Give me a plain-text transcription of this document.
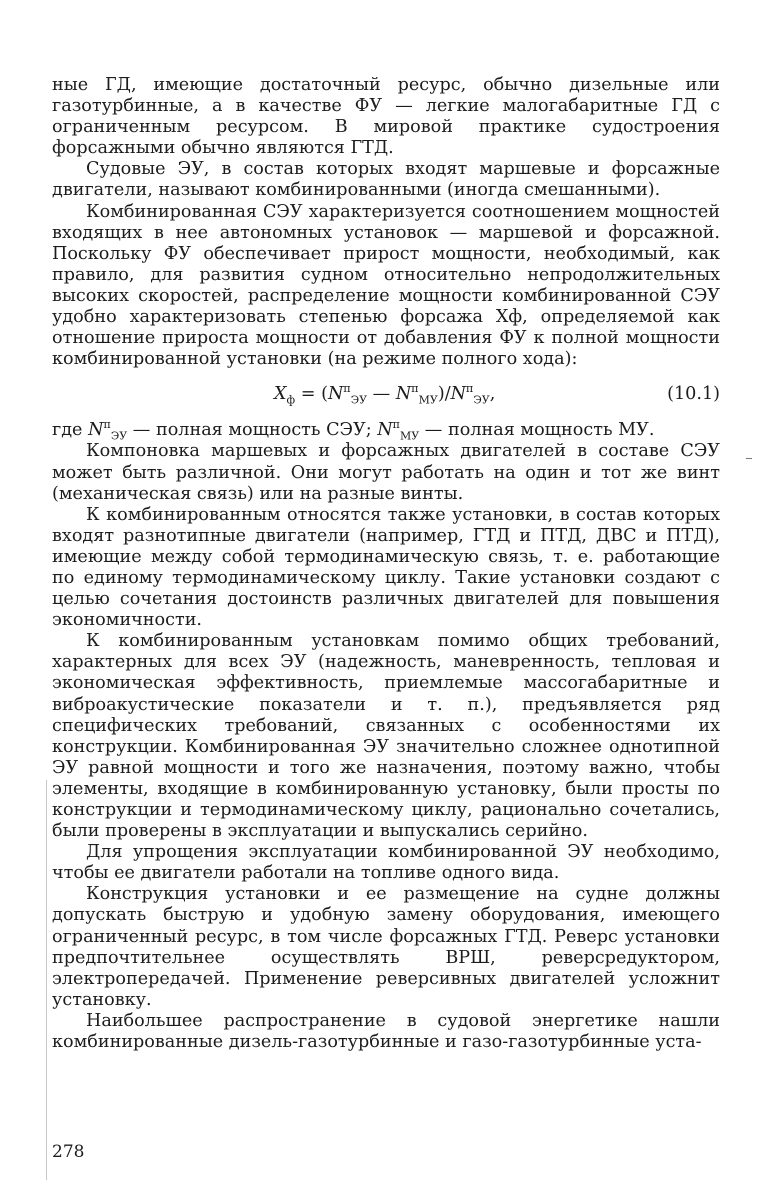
ные ГД, имеющие достаточный ресурс, обычно дизельные или газотурбинные, а в качестве ФУ — легкие малогабаритные ГД с ограниченным ресурсом. В мировой практике судостроения форсажными обычно являются ГТД.

Судовые ЭУ, в состав которых входят маршевые и форсажные двигатели, называют комбинированными (иногда смешанными).

Комбинированная СЭУ характеризуется соотношением мощностей входящих в нее автономных установок — маршевой и форсажной. Поскольку ФУ обеспечивает прирост мощности, необходимый, как правило, для развития судном относительно непродолжительных высоких скоростей, распределение мощности комбинированной СЭУ удобно характеризовать степенью форсажа Xф, определяемой как отношение прироста мощности от добавления ФУ к полной мощности комбинированной установки (на режиме полного хода):

$X_ф = (N^п_{ЭУ}$ — $N^п_{МУ})/N^п_{ЭУ}$,	(10.1)

где $N^п_{ЭУ}$ — полная мощность СЭУ; $N^п_{МУ}$ — полная мощность МУ.

Компоновка маршевых и форсажных двигателей в составе СЭУ может быть различной. Они могут работать на один и тот же винт (механическая связь) или на разные винты.

К комбинированным относятся также установки, в состав которых входят разнотипные двигатели (например, ГТД и ПТД, ДВС и ПТД), имеющие между собой термодинамическую связь, т. е. работающие по единому термодинамическому циклу. Такие установки создают с целью сочетания достоинств различных двигателей для повышения экономичности.

К комбинированным установкам помимо общих требований, характерных для всех ЭУ (надежность, маневренность, тепловая и экономическая эффективность, приемлемые массогабаритные и виброакустические показатели и т. п.), предъявляется ряд специфических требований, связанных с особенностями их конструкции. Комбинированная ЭУ значительно сложнее однотипной ЭУ равной мощности и того же назначения, поэтому важно, чтобы элементы, входящие в комбинированную установку, были просты по конструкции и термодинамическому циклу, рационально сочетались, были проверены в эксплуатации и выпускались серийно.

Для упрощения эксплуатации комбинированной ЭУ необходимо, чтобы ее двигатели работали на топливе одного вида.

Конструкция установки и ее размещение на судне должны допускать быструю и удобную замену оборудования, имеющего ограниченный ресурс, в том числе форсажных ГТД. Реверс установки предпочтительнее осуществлять ВРШ, реверсредуктором, электропередачей. Применение реверсивных двигателей усложнит установку.

Наибольшее распространение в судовой энергетике нашли комбинированные дизель-газотурбинные и газо-газотурбинные уста-

278
